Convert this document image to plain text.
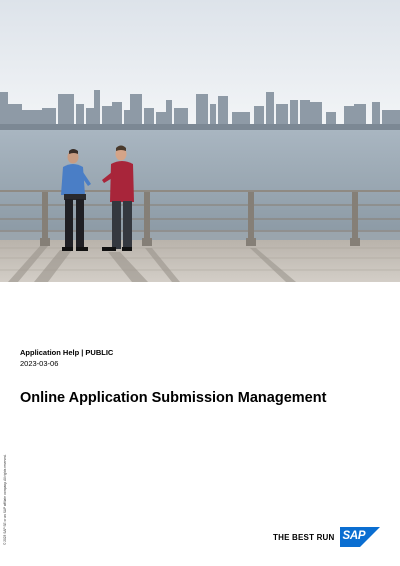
Application Help | PUBLIC
2023-03-06
Online Application Submission Management
© 2023 SAP SE or an SAP affiliate company. All rights reserved.	THE BEST RUN SAP
